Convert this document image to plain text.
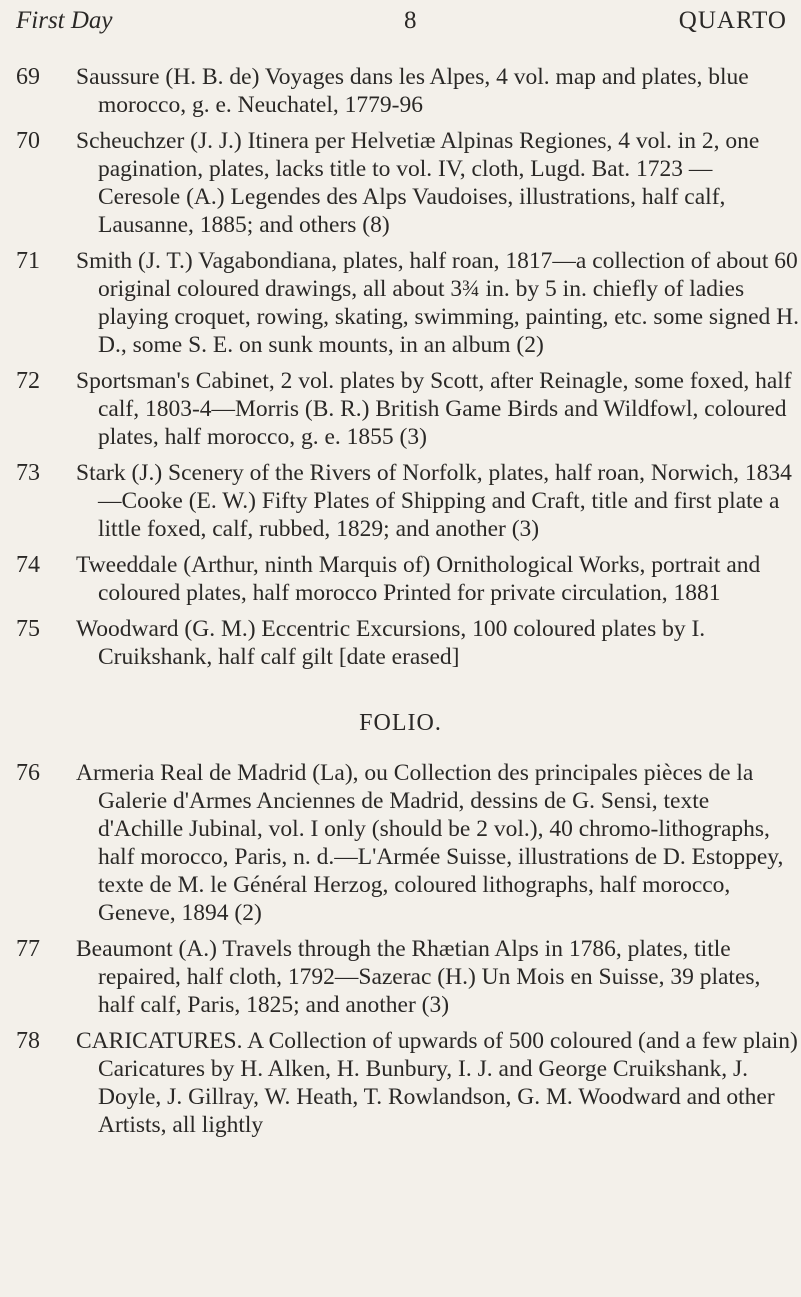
First Day	8	QUARTO
69	Saussure (H. B. de) Voyages dans les Alpes, 4 vol. map and plates, blue morocco, g. e. Neuchatel, 1779-96
70	Scheuchzer (J. J.) Itinera per Helvetiæ Alpinas Regiones, 4 vol. in 2, one pagination, plates, lacks title to vol. IV, cloth, Lugd. Bat. 1723 — Ceresole (A.) Legendes des Alps Vaudoises, illustrations, half calf, Lausanne, 1885; and others (8)
71	Smith (J. T.) Vagabondiana, plates, half roan, 1817—a collection of about 60 original coloured drawings, all about 3¾ in. by 5 in. chiefly of ladies playing croquet, rowing, skating, swimming, painting, etc. some signed H. D., some S. E. on sunk mounts, in an album (2)
72	Sportsman's Cabinet, 2 vol. plates by Scott, after Reinagle, some foxed, half calf, 1803-4—Morris (B. R.) British Game Birds and Wildfowl, coloured plates, half morocco, g. e. 1855 (3)
73	Stark (J.) Scenery of the Rivers of Norfolk, plates, half roan, Norwich, 1834—Cooke (E. W.) Fifty Plates of Shipping and Craft, title and first plate a little foxed, calf, rubbed, 1829; and another (3)
74	Tweeddale (Arthur, ninth Marquis of) Ornithological Works, portrait and coloured plates, half morocco Printed for private circulation, 1881
75	Woodward (G. M.) Eccentric Excursions, 100 coloured plates by I. Cruikshank, half calf gilt [date erased]
FOLIO.
76	Armeria Real de Madrid (La), ou Collection des principales pièces de la Galerie d'Armes Anciennes de Madrid, dessins de G. Sensi, texte d'Achille Jubinal, vol. I only (should be 2 vol.), 40 chromo-lithographs, half morocco, Paris, n. d.—L'Armée Suisse, illustrations de D. Estoppey, texte de M. le Général Herzog, coloured lithographs, half morocco, Geneve, 1894 (2)
77	Beaumont (A.) Travels through the Rhætian Alps in 1786, plates, title repaired, half cloth, 1792—Sazerac (H.) Un Mois en Suisse, 39 plates, half calf, Paris, 1825; and another (3)
78	CARICATURES. A Collection of upwards of 500 coloured (and a few plain) Caricatures by H. Alken, H. Bunbury, I. J. and George Cruikshank, J. Doyle, J. Gillray, W. Heath, T. Rowlandson, G. M. Woodward and other Artists, all lightly
